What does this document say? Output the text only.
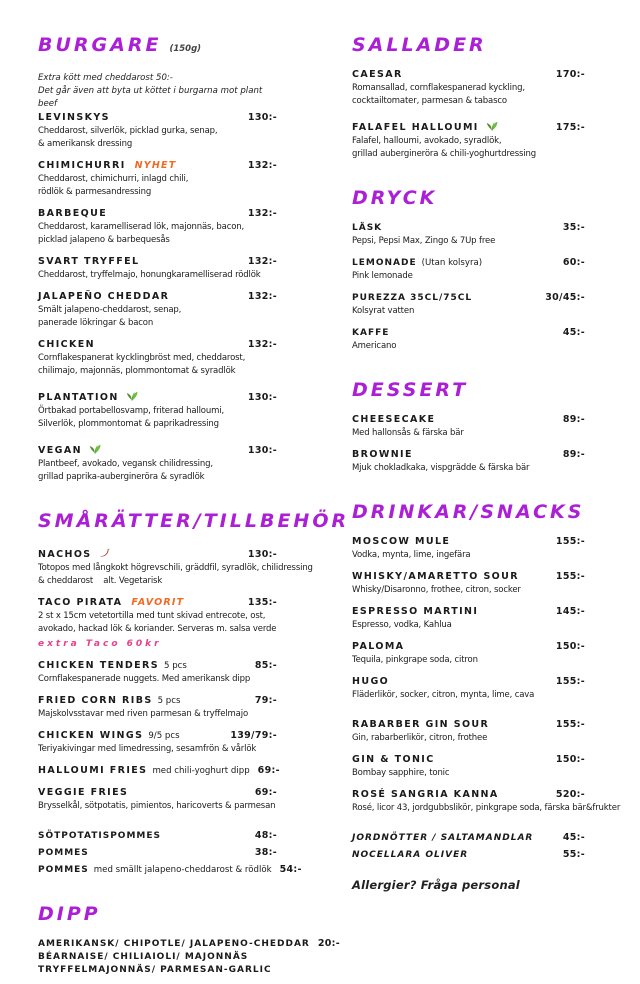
BURGARE (150g)
Extra kött med cheddarost 50:-
Det går även att byta ut köttet i burgarna mot plant beef
LEVINSKYS	130:-
Cheddarost, silverlök, picklad gurka, senap,
& amerikansk dressing
CHIMICHURRI NYHET	132:-
Cheddarost, chimichurri, inlagd chili,
rödlök & parmesandressing
BARBEQUE	132:-
Cheddarost, karamelliserad lök, majonnäs, bacon,
picklad jalapeno & barbequesås
SVART TRYFFEL	132:-
Cheddarost, tryffelmajo, honungkaramelliserad rödlök
JALAPEÑO CHEDDAR	132:-
Smält jalapeno-cheddarost, senap,
panerade lökringar & bacon
CHICKEN	132:-
Cornflakespanerat kycklingbröst med, cheddarost,
chilimajo, majonnäs, plommontomat & syradlök
PLANTATION	130:-
Örtbakad portabellosvamp, friterad halloumi,
Silverlök, plommontomat & paprikadressing
VEGAN	130:-
Plantbeef, avokado, vegansk chilidressing,
grillad paprika-aubergineröra & syradlök
SMÅRÄTTER/TILLBEHÖR
NACHOS	130:-
Totopos med långkokt högrevschili, gräddfil, syradlök, chilidressing
& cheddarost    alt. Vegetarisk
TACO PIRATA FAVORIT	135:-
2 st x 15cm vetetortilla med tunt skivad entrecote, ost,
avokado, hackad lök & koriander. Serveras m. salsa verde
extra Taco 60kr
CHICKEN TENDERS 5 pcs	85:-
Cornflakespanerade nuggets. Med amerikansk dipp
FRIED CORN RIBS 5 pcs	79:-
Majskolvsstavar med riven parmesan & tryffelmajo
CHICKEN WINGS 9/5 pcs	139/79:-
Teriyakivingar med limedressing, sesamfrön & vårlök
HALLOUMI FRIES med chili-yoghurt dipp 69:-
VEGGIE FRIES	69:-
Brysselkål, sötpotatis, pimientos, haricoverts & parmesan
SÖTPOTATISPOMMES	48:-
POMMES	38:-
POMMES med smällt jalapeno-cheddarost & rödlök 54:-
DIPP
AMERIKANSK/ CHIPOTLE/ JALAPENO-CHEDDAR 20:-
BÉARNAISE/ CHILIAIOLI/ MAJONNÄS
TRYFFELMAJONNÄS/ PARMESAN-GARLIC
SALLADER
CAESAR	170:-
Romansallad, cornflakespanerad kyckling,
cocktailtomater, parmesan & tabasco
FALAFEL HALLOUMI	175:-
Falafel, halloumi, avokado, syradlök,
grillad aubergineröra & chili-yoghurtdressing
DRYCK
LÄSK	35:-
Pepsi, Pepsi Max, Zingo & 7Up free
LEMONADE (Utan kolsyra)	60:-
Pink lemonade
PUREZZA 35CL/75CL	30/45:-
Kolsyrat vatten
KAFFE	45:-
Americano
DESSERT
CHEESECAKE	89:-
Med hallonsås & färska bär
BROWNIE	89:-
Mjuk chokladkaka, vispgrädde & färska bär
DRINKAR/SNACKS
MOSCOW MULE	155:-
Vodka, mynta, lime, ingefära
WHISKY/AMARETTO SOUR	155:-
Whisky/Disaronno, frothee, citron, socker
ESPRESSO MARTINI	145:-
Espresso, vodka, Kahlua
PALOMA	150:-
Tequila, pinkgrape soda, citron
HUGO	155:-
Fläderlikör, socker, citron, mynta, lime, cava
RABARBER GIN SOUR	155:-
Gin, rabarberlikör, citron, frothee
GIN & TONIC	150:-
Bombay sapphire, tonic
ROSÉ SANGRIA KANNA	520:-
Rosé, licor 43, jordgubbslikör, pinkgrape soda, färska bär&frukter
JORDNÖTTER / SALTAMANDLAR	45:-
NOCELLARA OLIVER	55:-
Allergier? Fråga personal
